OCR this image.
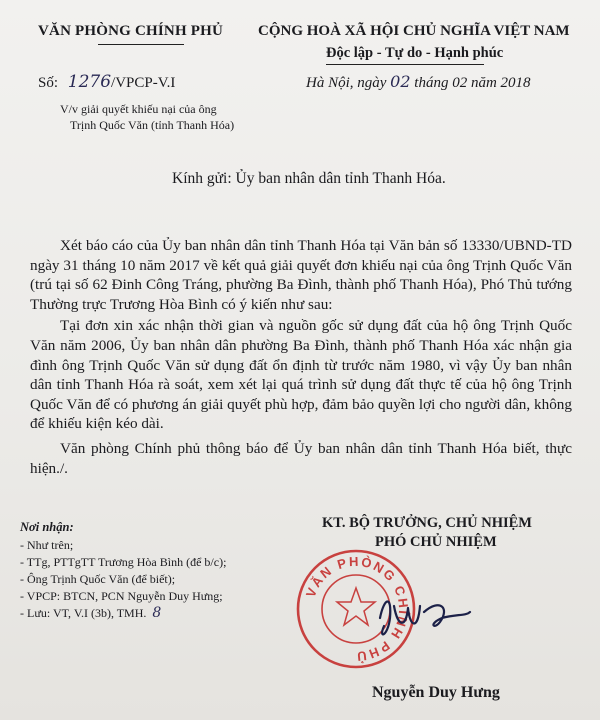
VĂN PHÒNG CHÍNH PHỦ CỘNG HOÀ XÃ HỘI CHỦ NGHĨA VIỆT NAM
Độc lập - Tự do - Hạnh phúc
Số: 1276/VPCP-V.I	Hà Nội, ngày 02 tháng 02 năm 2018
V/v giải quyết khiếu nại của ông
Trịnh Quốc Văn (tỉnh Thanh Hóa)
Kính gửi: Ủy ban nhân dân tỉnh Thanh Hóa.

Xét báo cáo của Ủy ban nhân dân tỉnh Thanh Hóa tại Văn bản số 13330/UBND-TD ngày 31 tháng 10 năm 2017 về kết quả giải quyết đơn khiếu nại của ông Trịnh Quốc Văn (trú tại số 62 Đinh Công Tráng, phường Ba Đình, thành phố Thanh Hóa), Phó Thủ tướng Thường trực Trương Hòa Bình có ý kiến như sau:

Tại đơn xin xác nhận thời gian và nguồn gốc sử dụng đất của hộ ông Trịnh Quốc Văn năm 2006, Ủy ban nhân dân phường Ba Đình, thành phố Thanh Hóa xác nhận gia đình ông Trịnh Quốc Văn sử dụng đất ổn định từ trước năm 1980, vì vậy Ủy ban nhân dân tỉnh Thanh Hóa rà soát, xem xét lại quá trình sử dụng đất thực tế của hộ ông Trịnh Quốc Văn để có phương án giải quyết phù hợp, đảm bảo quyền lợi cho người dân, không để khiếu kiện kéo dài.

Văn phòng Chính phủ thông báo để Ủy ban nhân dân tỉnh Thanh Hóa biết, thực hiện./.

Nơi nhận:
- Như trên;
- TTg, PTTgTT Trương Hòa Bình (để b/c);
- Ông Trịnh Quốc Văn (để biết);
- VPCP: BTCN, PCN Nguyễn Duy Hưng;
- Lưu: VT, V.I (3b), TMH. 8
KT. BỘ TRƯỞNG, CHỦ NHIỆM
PHÓ CHỦ NHIỆM
VĂN PHÒNG CHÍNH PHỦ
Nguyễn Duy Hưng
